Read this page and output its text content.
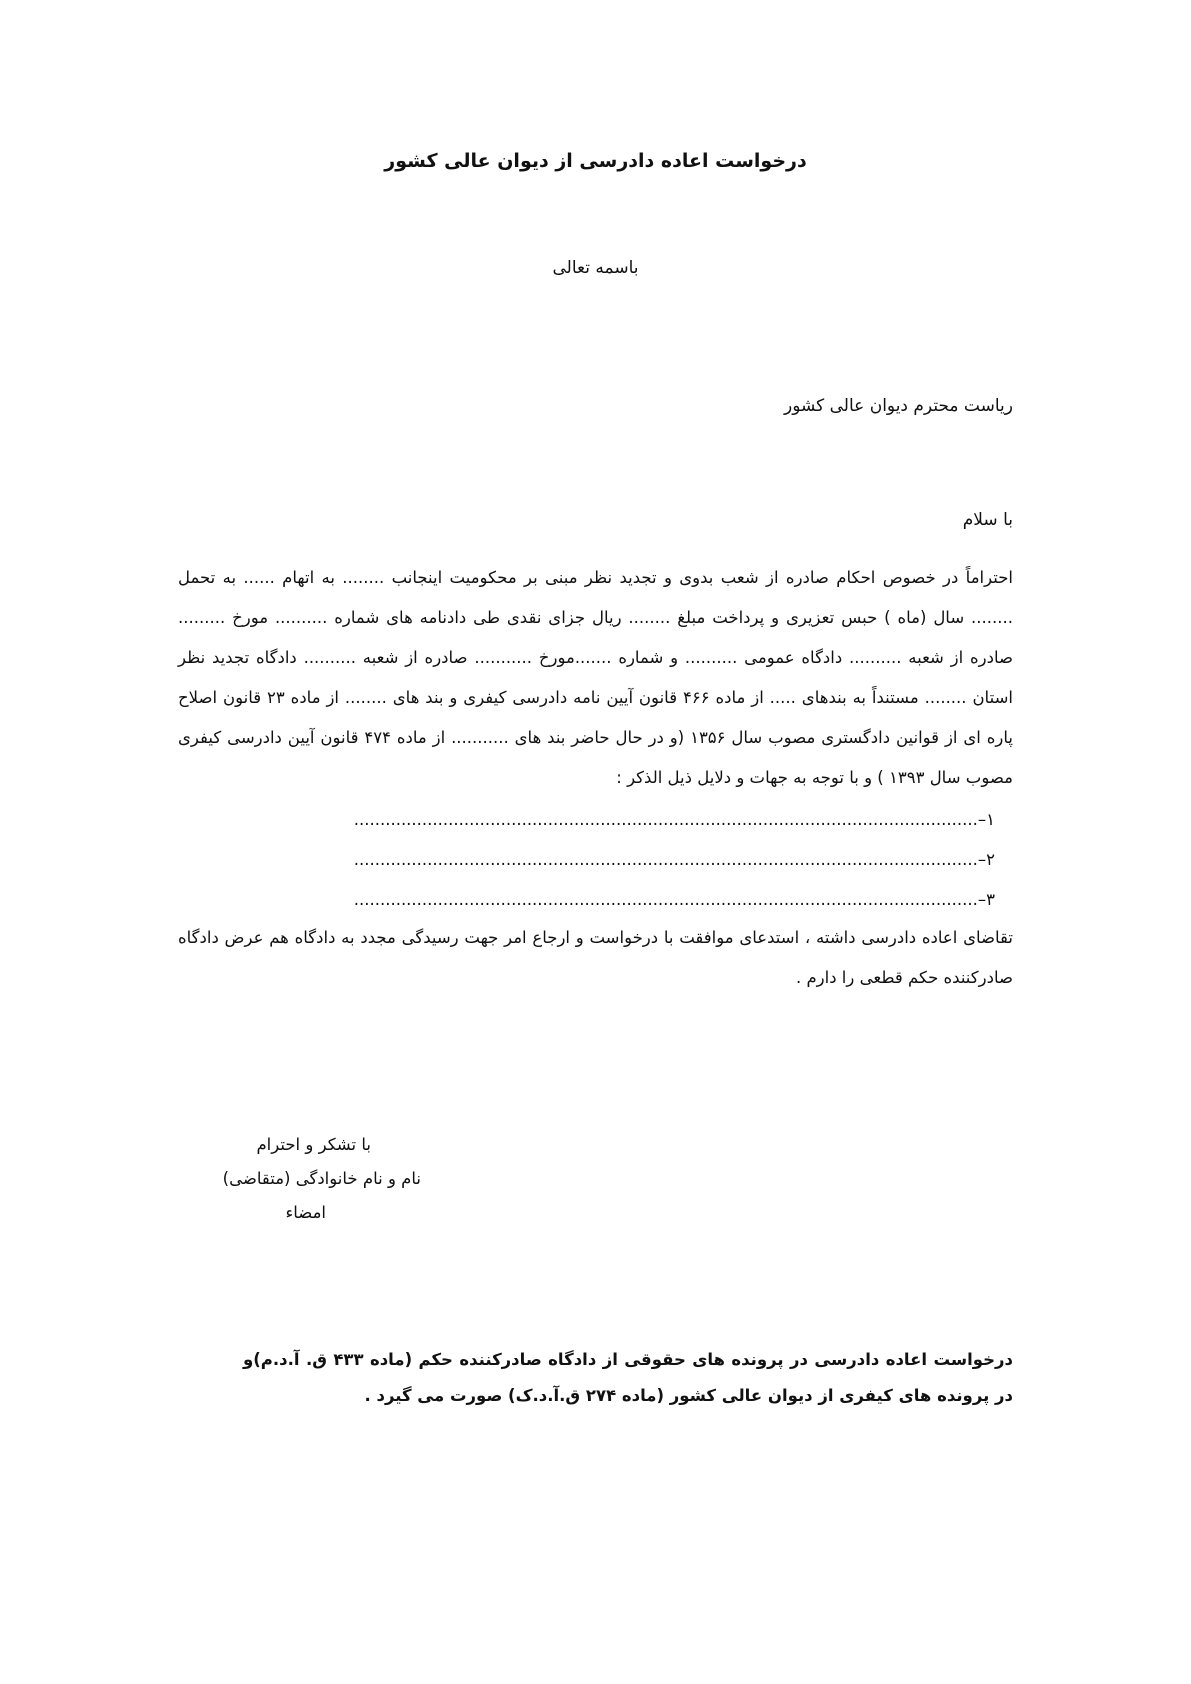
درخواست اعاده دادرسی از دیوان عالی کشور
باسمه تعالی
ریاست محترم دیوان عالی کشور
با سلام
احتراماً در خصوص احکام صادره از شعب بدوی و تجدید نظر مبنی بر محکومیت اینجانب ........ به اتهام ...... به تحمل ........ سال (ماه ) حبس تعزیری و پرداخت مبلغ ........ ریال جزای نقدی طی دادنامه های شماره .......... مورخ ......... صادره از شعبه .......... دادگاه عمومی .......... و شماره .......مورخ ........... صادره از شعبه .......... دادگاه تجدید نظر استان ........ مستنداً به بندهای ..... از ماده ۴۶۶ قانون آیین نامه دادرسی کیفری و بند های ........ از ماده ۲۳ قانون اصلاح پاره ای از قوانین دادگستری مصوب سال ۱۳۵۶ (و در حال حاضر بند های ........... از ماده ۴۷۴ قانون آیین دادرسی کیفری مصوب سال ۱۳۹۳ ) و با توجه به جهات و دلایل ذیل الذکر :
۱–.......................................................................................................................
۲–.......................................................................................................................
۳–.......................................................................................................................
تقاضای اعاده دادرسی داشته ، استدعای موافقت با درخواست و ارجاع امر جهت رسیدگی مجدد به دادگاه هم عرض دادگاه صادرکننده حکم قطعی را دارم .
با تشکر و احترام
نام و نام خانوادگی (متقاضی)
امضاء
درخواست اعاده دادرسی در پرونده های حقوقی از دادگاه صادرکننده حکم (ماده ۴۳۳ ق. آ.د.م)و در پرونده های کیفری از دیوان عالی کشور (ماده ۲۷۴ ق.آ.د.ک) صورت می گیرد .
